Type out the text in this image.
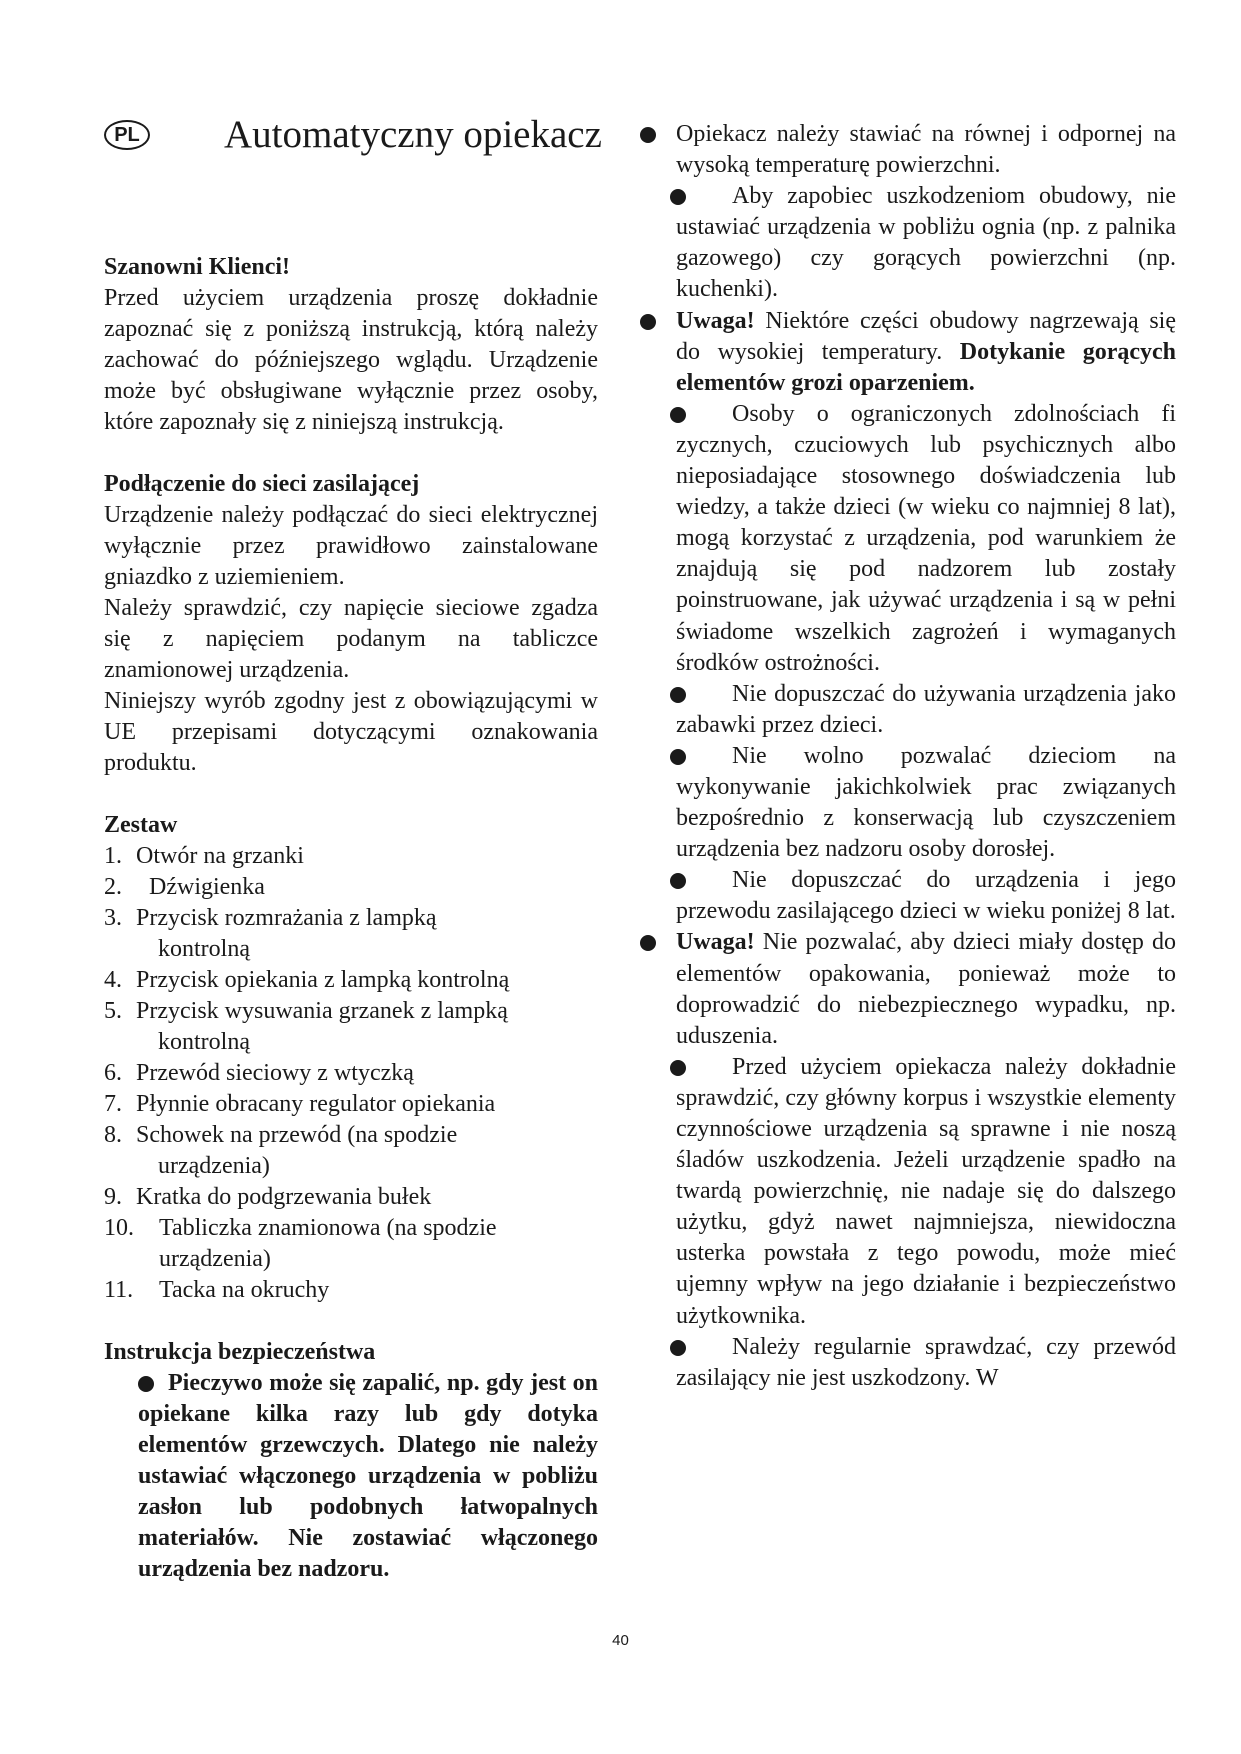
PL Automatyczny opiekacz
Szanowni Klienci!

Przed użyciem urządzenia proszę dokładnie zapoznać się z poniższą instrukcją, którą należy zachować do późniejszego wglądu. Urządzenie może być obsługiwane wyłącznie przez osoby, które zapoznały się z niniejszą instrukcją.

Podłączenie do sieci zasilającej

Urządzenie należy podłączać do sieci elektrycznej wyłącznie przez prawidłowo zainstalowane gniazdko z uziemieniem.

Należy sprawdzić, czy napięcie sieciowe zgadza się z napięciem podanym na tabliczce znamionowej urządzenia.

Niniejszy wyrób zgodny jest z obowiązującymi w UE przepisami dotyczącymi oznakowania produktu.

Zestaw
1. Otwór na grzanki
2.	Dźwigienka
3. Przycisk rozmrażania z lampką
kontrolną
4. Przycisk opiekania z lampką kontrolną
5. Przycisk wysuwania grzanek z lampką
kontrolną
6. Przewód sieciowy z wtyczką
7. Płynnie obracany regulator opiekania
8. Schowek na przewód (na spodzie
urządzenia)
9. Kratka do podgrzewania bułek
10.	Tabliczka znamionowa (na spodzie
urządzenia)
11.	Tacka na okruchy
Instrukcja bezpieczeństwa

Pieczywo może się zapalić, np. gdy jest on opiekane kilka razy lub gdy dotyka elementów grzewczych. Dlatego nie należy ustawiać włączonego urządzenia w pobliżu zasłon lub podobnych łatwopalnych materiałów. Nie zostawiać włączonego urządzenia bez nadzoru.

Opiekacz należy stawiać na równej i odpornej na wysoką temperaturę powierzchni.

Aby zapobiec uszkodzeniom obudowy, nie ustawiać urządzenia w pobliżu ognia (np. z palnika gazowego) czy gorących powierzchni (np. kuchenki).

Uwaga! Niektóre części obudowy nagrzewają się do wysokiej temperatury. Dotykanie gorących elementów grozi oparzeniem.

Osoby o ograniczonych zdolnościach fi zycznych, czuciowych lub psychicznych albo nieposiadające stosownego doświadczenia lub wiedzy, a także dzieci (w wieku co najmniej 8 lat), mogą korzystać z urządzenia, pod warunkiem że znajdują się pod nadzorem lub zostały poinstruowane, jak używać urządzenia i są w pełni świadome wszelkich zagrożeń i wymaganych środków ostrożności.

Nie dopuszczać do używania urządzenia jako zabawki przez dzieci.

Nie wolno pozwalać dzieciom na wykonywanie jakichkolwiek prac związanych bezpośrednio z konserwacją lub czyszczeniem urządzenia bez nadzoru osoby dorosłej.

Nie dopuszczać do urządzenia i jego przewodu zasilającego dzieci w wieku poniżej 8 lat.

Uwaga! Nie pozwalać, aby dzieci miały dostęp do elementów opakowania, ponieważ może to doprowadzić do niebezpiecznego wypadku, np. uduszenia.

Przed użyciem opiekacza należy dokładnie sprawdzić, czy główny korpus i wszystkie elementy czynnościowe urządzenia są sprawne i nie noszą śladów uszkodzenia. Jeżeli urządzenie spadło na twardą powierzchnię, nie nadaje się do dalszego użytku, gdyż nawet najmniejsza, niewidoczna usterka powstała z tego powodu, może mieć ujemny wpływ na jego działanie i bezpieczeństwo użytkownika.

Należy regularnie sprawdzać, czy przewód zasilający nie jest uszkodzony. W

40
